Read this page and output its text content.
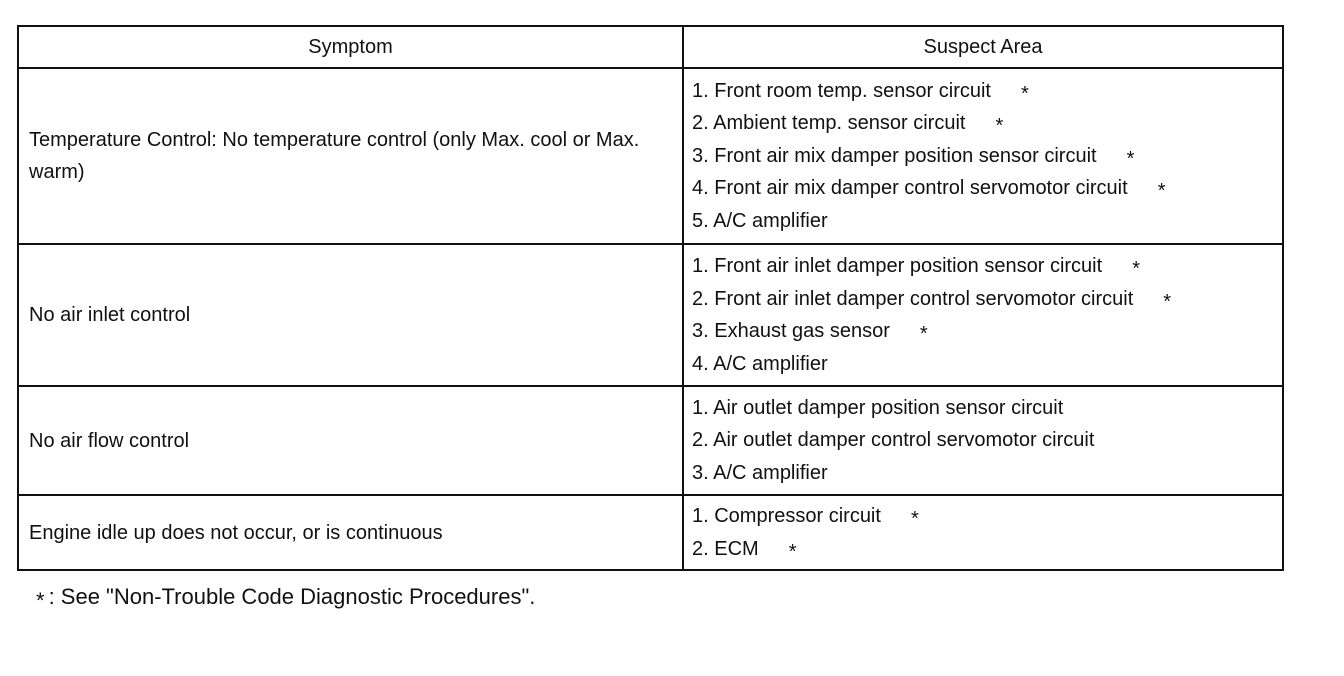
Symptom	Suspect Area
Temperature Control: No temperature control (only Max. cool or Max. warm)	1. Front room temp. sensor circuit *
2. Ambient temp. sensor circuit *
3. Front air mix damper position sensor circuit *
4. Front air mix damper control servomotor circuit *
5. A/C amplifier

No air inlet control	1. Front air inlet damper position sensor circuit *
2. Front air inlet damper control servomotor circuit *
3. Exhaust gas sensor *
4. A/C amplifier

No air flow control	1. Air outlet damper position sensor circuit
2. Air outlet damper control servomotor circuit
3. A/C amplifier

Engine idle up does not occur, or is continuous	1. Compressor circuit *
2. ECM *
* : See "Non-Trouble Code Diagnostic Procedures".
